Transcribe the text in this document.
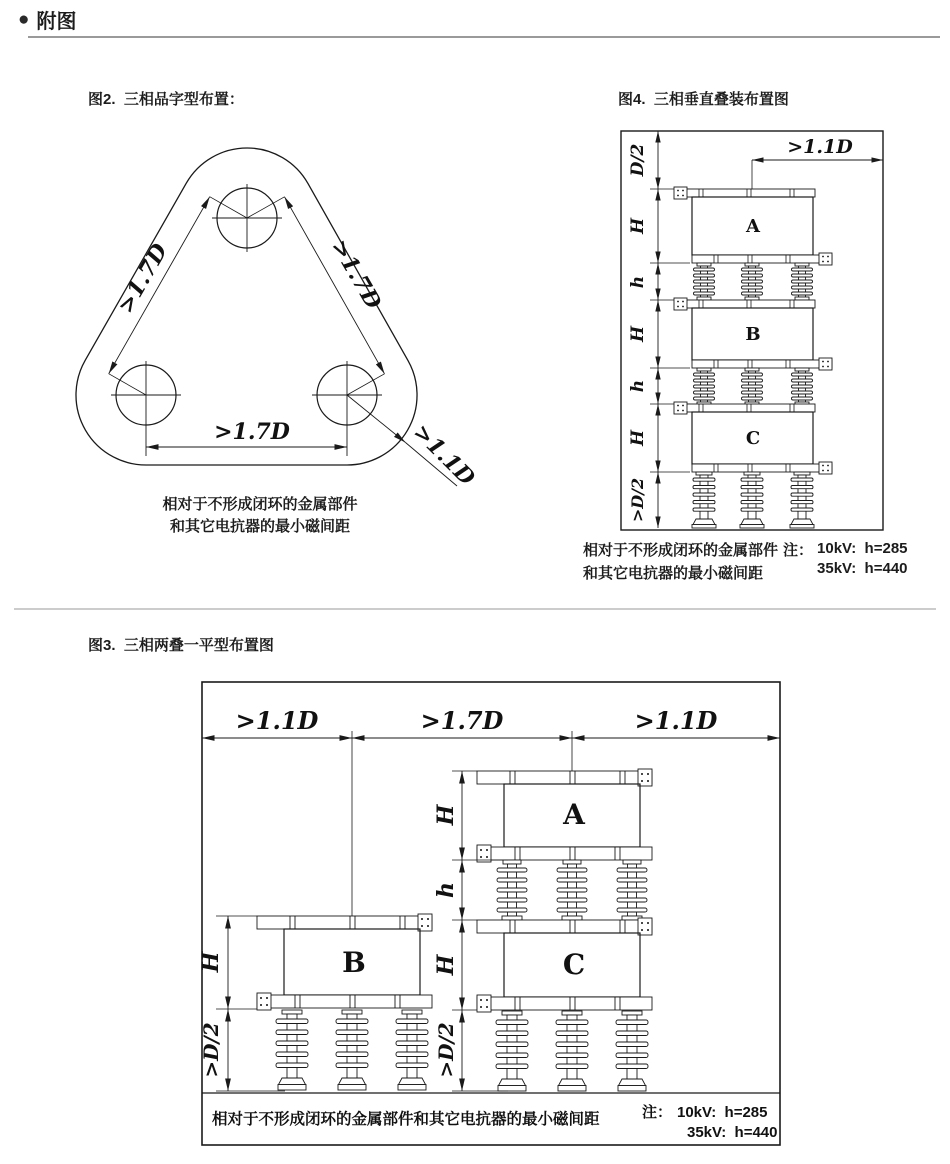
● 附图
图2.  三相品字型布置：
>1.7D	>1.7D
>1.7D	>1.1D
相对于不形成闭环的金属部件
和其它电抗器的最小磁间距
图4.  三相垂直叠装布置图
D/2
H
h
H
h
H
>D/2
>1.1D
A
B
C
相对于不形成闭环的金属部件
和其它电抗器的最小磁间距
注： 10kV:  h=285
35kV:  h=440
图3.  三相两叠一平型布置图
>1.1D	>1.7D	>1.1D
B
H
>D/2
A
C
H
h
H
>D/2
相对于不形成闭环的金属部件和其它电抗器的最小磁间距	注： 10kV:  h=285
35kV:  h=440
